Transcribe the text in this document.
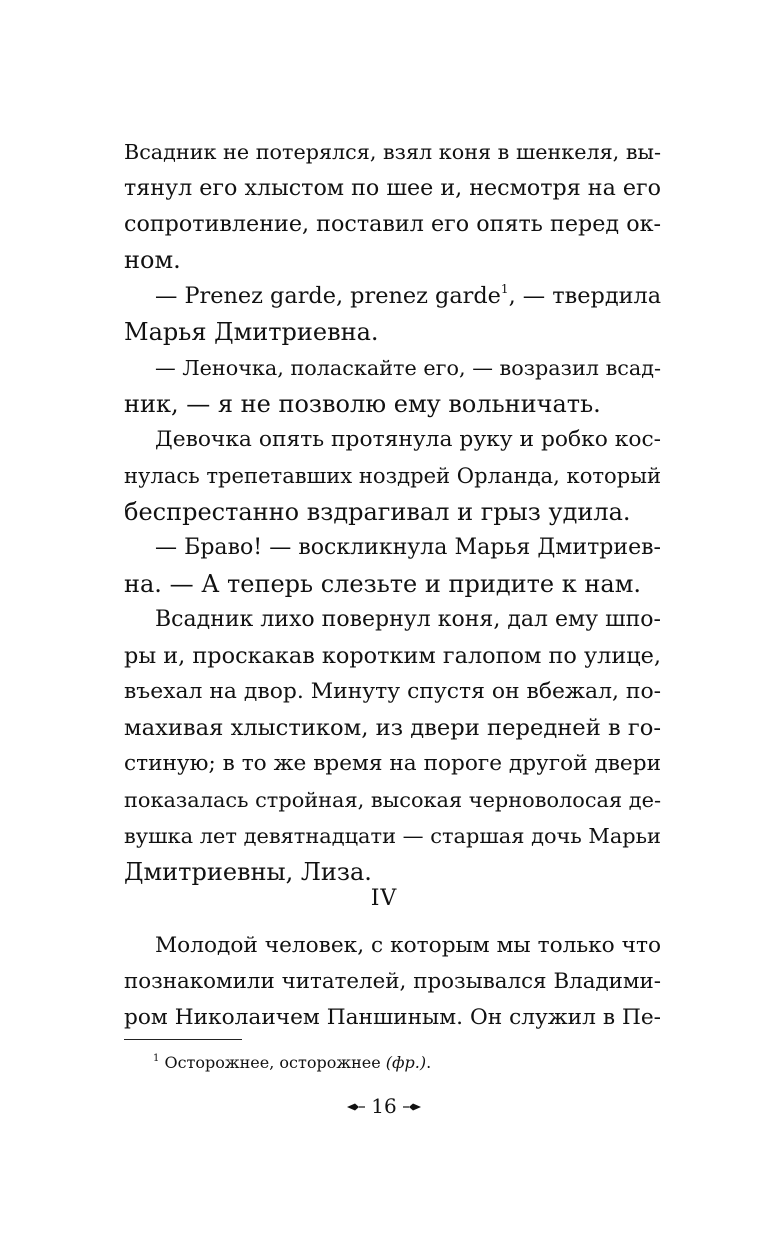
Всадник не потерялся, взял коня в шенкеля, вы-
тянул его хлыстом по шее и, несмотря на его
сопротивление, поставил его опять перед ок-
ном.
— Prenez garde, prenez garde$^1$, — твердила
Марья Дмитриевна.
— Леночка, поласкайте его, — возразил всад-
ник, — я не позволю ему вольничать.
Девочка опять протянула руку и робко кос-
нулась трепетавших ноздрей Орланда, который
беспрестанно вздрагивал и грыз удила.
— Браво! — воскликнула Марья Дмитриев-
на. — А теперь слезьте и придите к нам.
Всадник лихо повернул коня, дал ему шпо-
ры и, проскакав коротким галопом по улице,
въехал на двор. Минуту спустя он вбежал, по-
махивая хлыстиком, из двери передней в го-
стиную; в то же время на пороге другой двери
показалась стройная, высокая черноволосая де-
вушка лет девятнадцати — старшая дочь Марьи
Дмитриевны, Лиза.
IV
Молодой человек, с которым мы только что
познакомили читателей, прозывался Владими-
ром Николаичем Паншиным. Он служил в Пе-
$^1$ Осторожнее, осторожнее (фр.).
16
